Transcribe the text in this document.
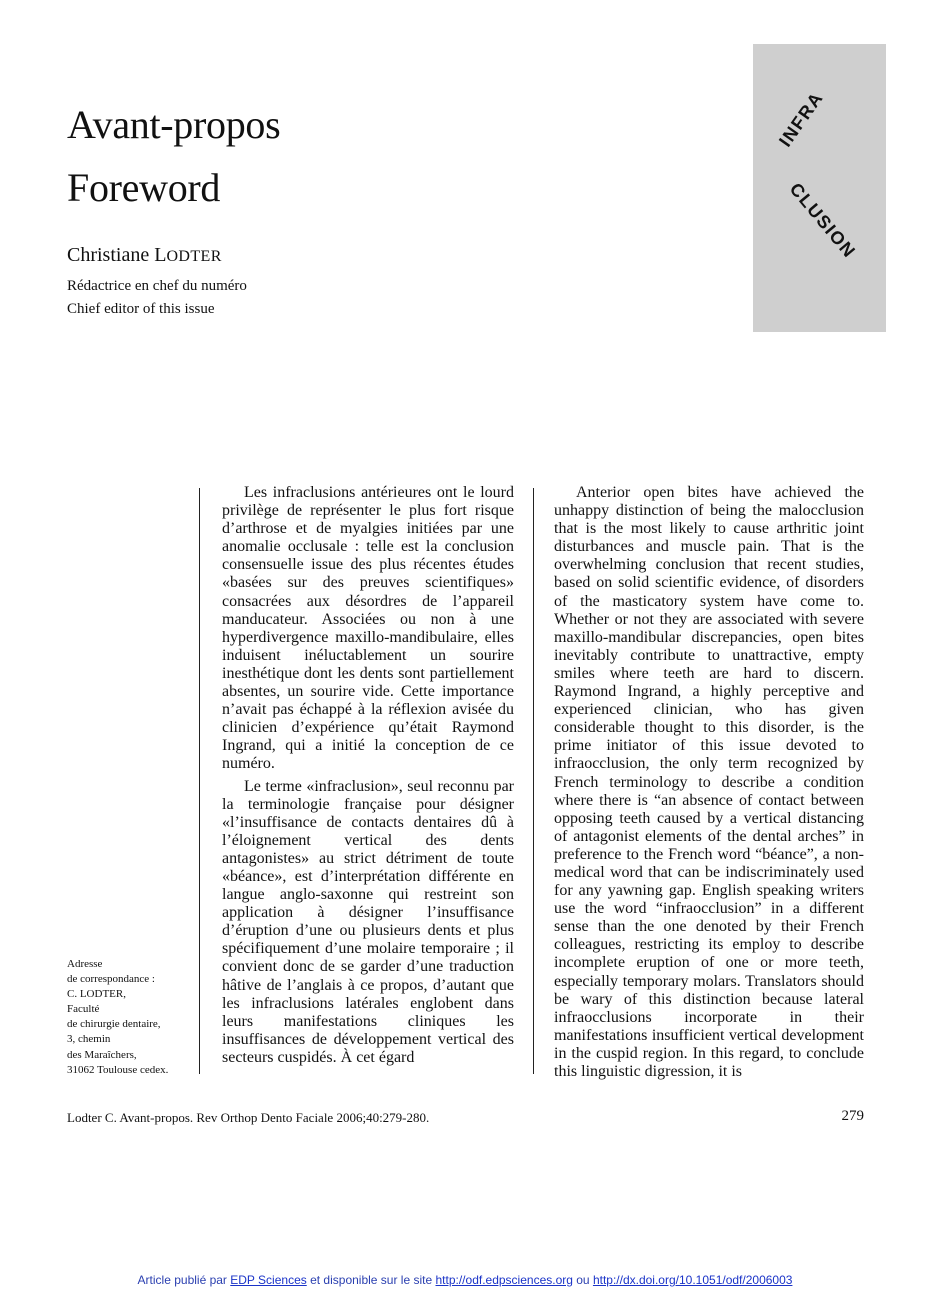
Avant-propos
Foreword
Christiane LODTER
Rédactrice en chef du numéro
Chief editor of this issue
INFRA
CLUSION

Les infraclusions antérieures ont le lourd privilège de représenter le plus fort risque d’arthrose et de myalgies initiées par une anomalie occlusale : telle est la conclusion consensuelle issue des plus récentes études «basées sur des preuves scientifiques» consacrées aux désordres de l’appareil manducateur. Associées ou non à une hyperdivergence maxillo-mandibulaire, elles induisent inéluctablement un sourire inesthétique dont les dents sont partiellement absentes, un sourire vide. Cette importance n’avait pas échappé à la réflexion avisée du clinicien d’expérience qu’était Raymond Ingrand, qui a initié la conception de ce numéro.

Le terme «infraclusion», seul reconnu par la terminologie française pour désigner «l’insuffisance de contacts dentaires dû à l’éloignement vertical des dents antagonistes» au strict détriment de toute «béance», est d’interprétation différente en langue anglo-saxonne qui restreint son application à désigner l’insuffisance d’éruption d’une ou plusieurs dents et plus spécifiquement d’une molaire temporaire ; il convient donc de se garder d’une traduction hâtive de l’anglais à ce propos, d’autant que les infraclusions latérales englobent dans leurs manifestations cliniques les insuffisances de développement vertical des secteurs cuspidés. À cet égard

Anterior open bites have achieved the unhappy distinction of being the malocclusion that is the most likely to cause arthritic joint disturbances and muscle pain. That is the overwhelming conclusion that recent studies, based on solid scientific evidence, of disorders of the masticatory system have come to. Whether or not they are associated with severe maxillo-mandibular discrepancies, open bites inevitably contribute to unattractive, empty smiles where teeth are hard to discern. Raymond Ingrand, a highly perceptive and experienced clinician, who has given considerable thought to this disorder, is the prime initiator of this issue devoted to infraocclusion, the only term recognized by French terminology to describe a condition where there is “an absence of contact between opposing teeth caused by a vertical distancing of antagonist elements of the dental arches” in preference to the French word “béance”, a non-medical word that can be indiscriminately used for any yawning gap. English speaking writers use the word “infraocclusion” in a different sense than the one denoted by their French colleagues, restricting its employ to describe incomplete eruption of one or more teeth, especially temporary molars. Translators should be wary of this distinction because lateral infraocclusions incorporate in their manifestations insufficient vertical development in the cuspid region. In this regard, to conclude this linguistic digression, it is

Adresse
de correspondance :
C. LODTER,
Faculté
de chirurgie dentaire,
3, chemin
des Maraîchers,
31062 Toulouse cedex.
Lodter C. Avant-propos. Rev Orthop Dento Faciale 2006;40:279-280.	279
Article publié par EDP Sciences et disponible sur le site http://odf.edpsciences.org ou http://dx.doi.org/10.1051/odf/2006003
